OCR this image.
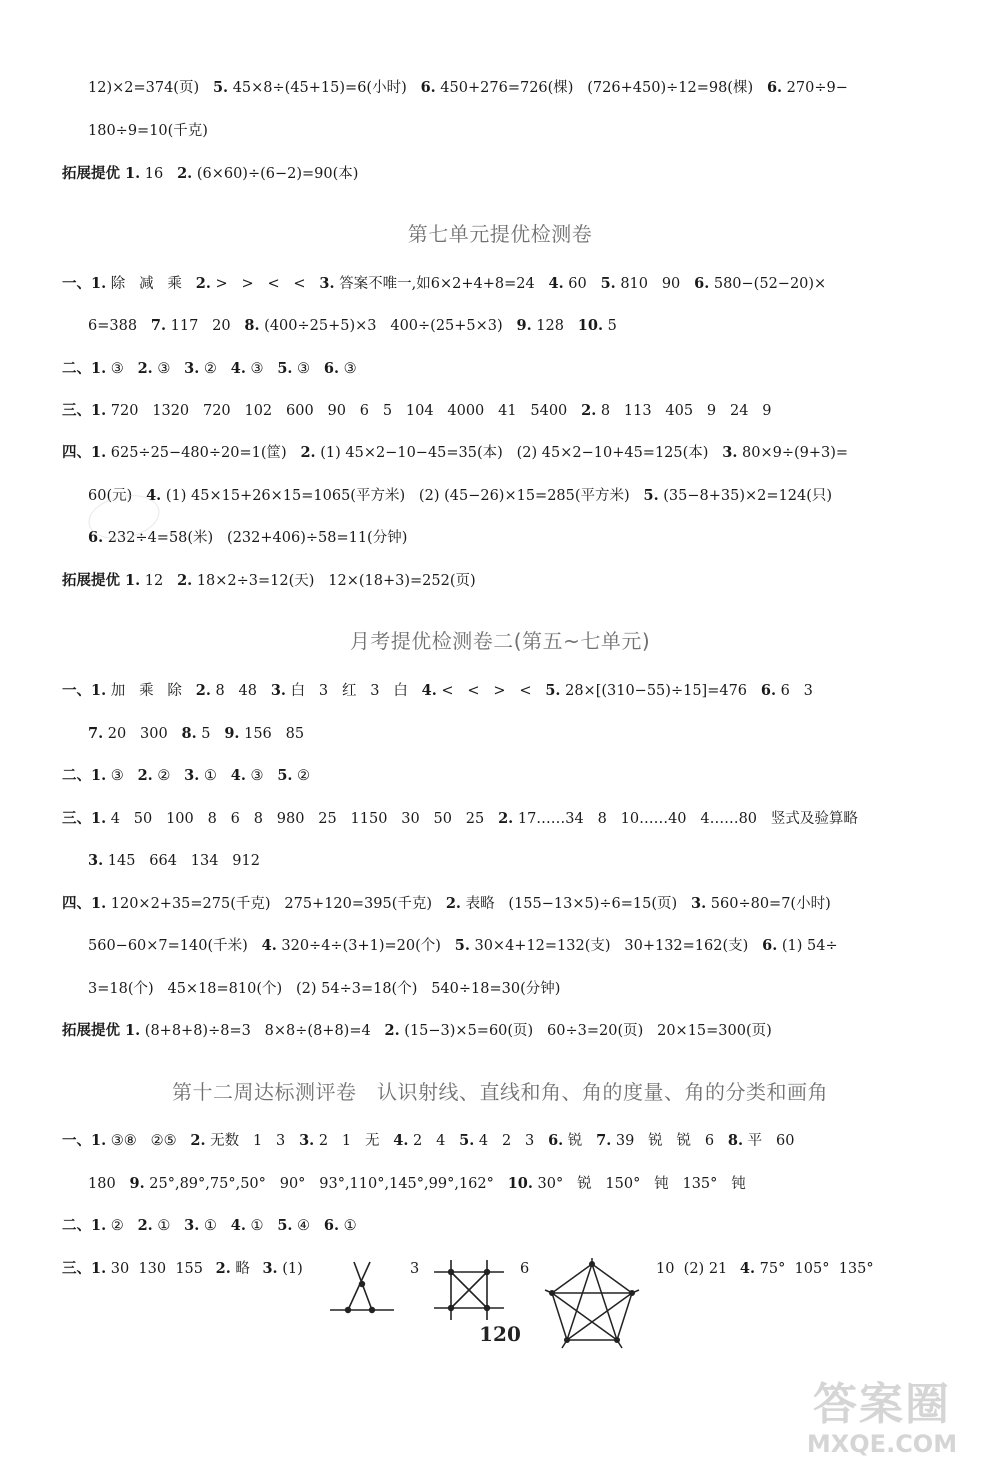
12)×2=374(页)   5. 45×8÷(45+15)=6(小时)   6. 450+276=726(棵)   (726+450)÷12=98(棵)   6. 270÷9−
180÷9=10(千克)
拓展提优 1. 16   2. (6×60)÷(6−2)=90(本)
第七单元提优检测卷
一、1. 除   减   乘   2. >   >   <   <   3. 答案不唯一,如6×2+4+8=24   4. 60   5. 810   90   6. 580−(52−20)×
6=388   7. 117   20   8. (400÷25+5)×3   400÷(25+5×3)   9. 128   10. 5
二、1. ③   2. ③   3. ②   4. ③   5. ③   6. ③
三、1. 720   1320   720   102   600   90   6   5   104   4000   41   5400   2. 8   113   405   9   24   9
四、1. 625÷25−480÷20=1(筐)   2. (1) 45×2−10−45=35(本)   (2) 45×2−10+45=125(本)   3. 80×9÷(9+3)=
60(元)   4. (1) 45×15+26×15=1065(平方米)   (2) (45−26)×15=285(平方米)   5. (35−8+35)×2=124(只)
6. 232÷4=58(米)   (232+406)÷58=11(分钟)
拓展提优 1. 12   2. 18×2÷3=12(天)   12×(18+3)=252(页)
月考提优检测卷二(第五~七单元)
一、1. 加   乘   除   2. 8   48   3. 白   3   红   3   白   4. <   <   >   <   5. 28×[(310−55)÷15]=476   6. 6   3
7. 20   300   8. 5   9. 156   85
二、1. ③   2. ②   3. ①   4. ③   5. ②
三、1. 4   50   100   8   6   8   980   25   1150   30   50   25   2. 17……34   8   10……40   4……80   竖式及验算略
3. 145   664   134   912
四、1. 120×2+35=275(千克)   275+120=395(千克)   2. 表略   (155−13×5)÷6=15(页)   3. 560÷80=7(小时)
560−60×7=140(千米)   4. 320÷4÷(3+1)=20(个)   5. 30×4+12=132(支)   30+132=162(支)   6. (1) 54÷
3=18(个)   45×18=810(个)   (2) 54÷3=18(个)   540÷18=30(分钟)
拓展提优 1. (8+8+8)÷8=3   8×8÷(8+8)=4   2. (15−3)×5=60(页)   60÷3=20(页)   20×15=300(页)
第十二周达标测评卷　认识射线、直线和角、角的度量、角的分类和画角
一、1. ③⑧   ②⑤   2. 无数   1   3   3. 2   1   无   4. 2   4   5. 4   2   3   6. 锐   7. 39   锐   锐   6   8. 平   60
180   9. 25°,89°,75°,50°   90°   93°,110°,145°,99°,162°   10. 30°   锐   150°   钝   135°   钝
二、1. ②   2. ①   3. ①   4. ①   5. ④   6. ①
三、1. 30  130  155 2. 略 3. (1)	3	6	10  (2) 21 4. 75°  105°  135°
120
答案圈
MXQE.COM
